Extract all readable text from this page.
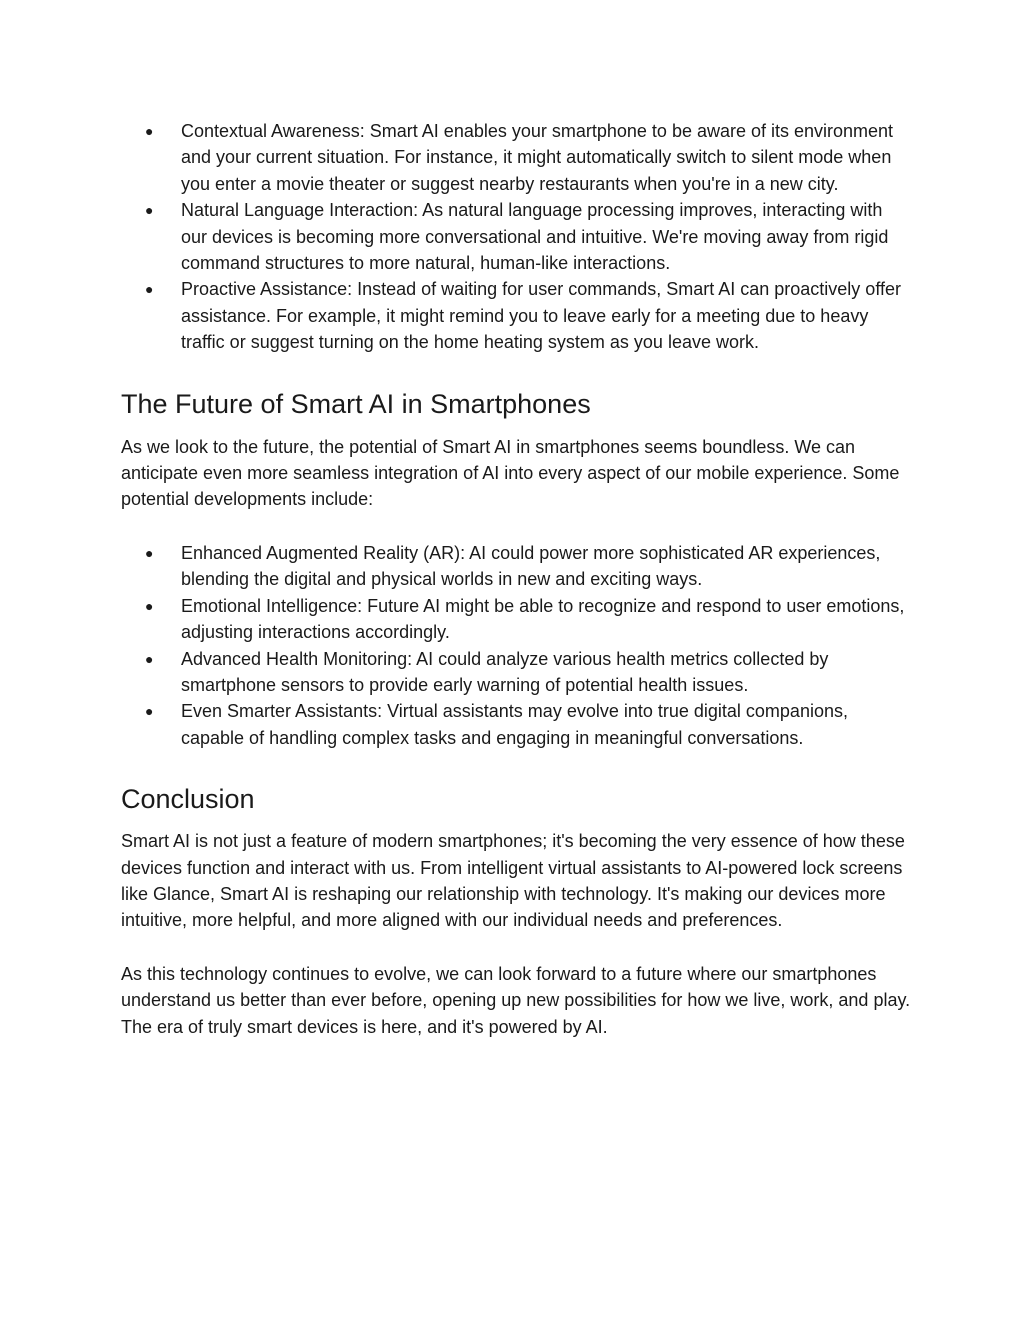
● Contextual Awareness: Smart AI enables your smartphone to be aware of its environment and your current situation. For instance, it might automatically switch to silent mode when you enter a movie theater or suggest nearby restaurants when you're in a new city.
● Natural Language Interaction: As natural language processing improves, interacting with our devices is becoming more conversational and intuitive. We're moving away from rigid command structures to more natural, human-like interactions.
● Proactive Assistance: Instead of waiting for user commands, Smart AI can proactively offer assistance. For example, it might remind you to leave early for a meeting due to heavy traffic or suggest turning on the home heating system as you leave work.
The Future of Smart AI in Smartphones

As we look to the future, the potential of Smart AI in smartphones seems boundless. We can anticipate even more seamless integration of AI into every aspect of our mobile experience. Some potential developments include:

● Enhanced Augmented Reality (AR): AI could power more sophisticated AR experiences, blending the digital and physical worlds in new and exciting ways.
● Emotional Intelligence: Future AI might be able to recognize and respond to user emotions, adjusting interactions accordingly.
● Advanced Health Monitoring: AI could analyze various health metrics collected by smartphone sensors to provide early warning of potential health issues.
● Even Smarter Assistants: Virtual assistants may evolve into true digital companions, capable of handling complex tasks and engaging in meaningful conversations.
Conclusion

Smart AI is not just a feature of modern smartphones; it's becoming the very essence of how these devices function and interact with us. From intelligent virtual assistants to AI-powered lock screens like Glance, Smart AI is reshaping our relationship with technology. It's making our devices more intuitive, more helpful, and more aligned with our individual needs and preferences.

As this technology continues to evolve, we can look forward to a future where our smartphones understand us better than ever before, opening up new possibilities for how we live, work, and play. The era of truly smart devices is here, and it's powered by AI.
